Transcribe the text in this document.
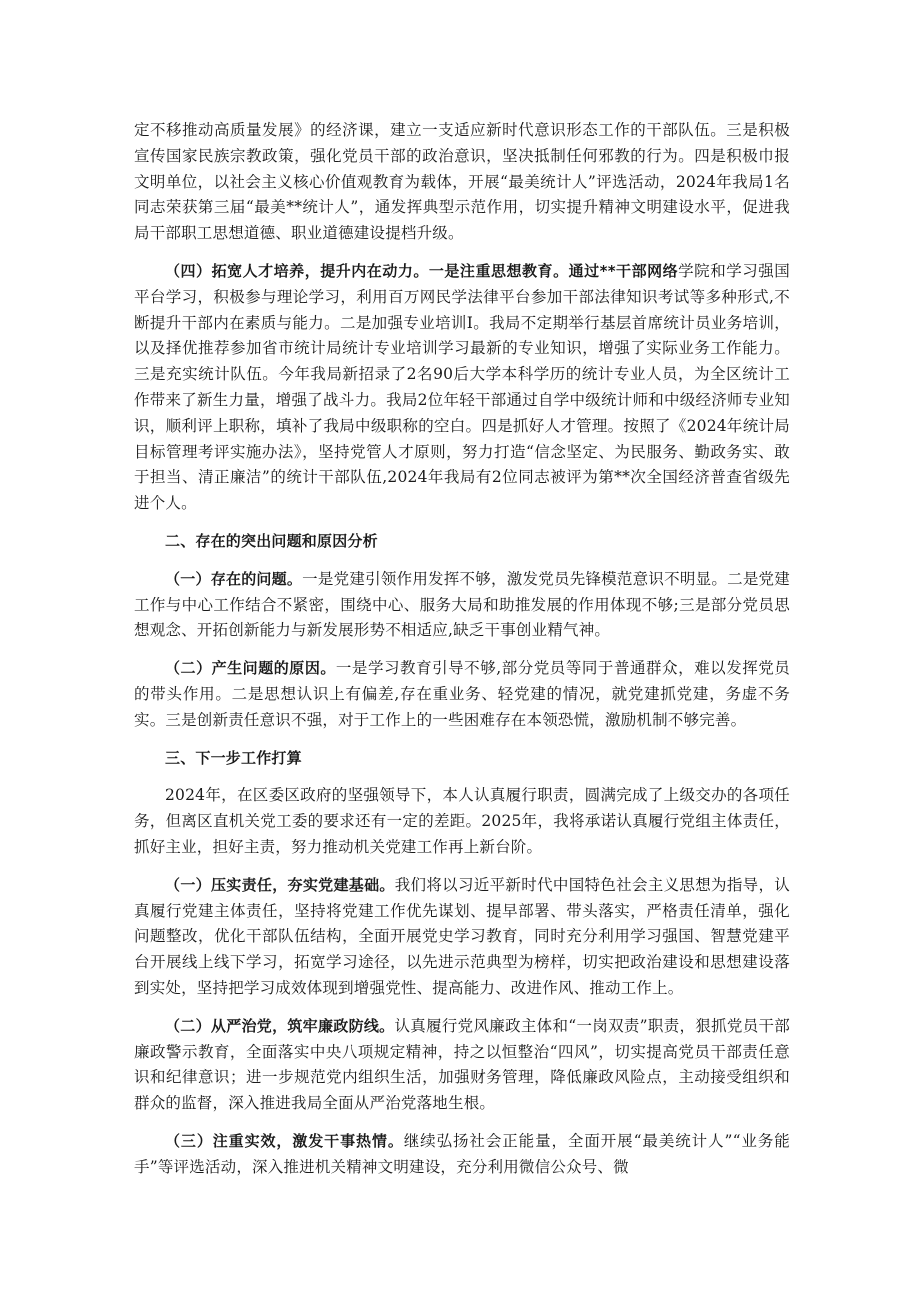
定不移推动高质量发展》的经济课，建立一支适应新时代意识形态工作的干部队伍。三是积极宣传国家民族宗教政策，强化党员干部的政治意识，坚决抵制任何邪教的行为。四是积极巾报文明单位，以社会主义核心价值观教育为载体，开展“最美统计人”评选活动，2024年我局1名同志荣获第三届“最美**统计人”，通发挥典型示范作用，切实提升精神文明建设水平，促进我局干部职工思想道德、职业道德建设提档升级。

（四）拓宽人才培养，提升内在动力。一是注重思想教育。通过**干部网络学院和学习强国平台学习，积极参与理论学习，利用百万网民学法律平台参加干部法律知识考试等多种形式,不断提升干部内在素质与能力。二是加强专业培训I。我局不定期举行基层首席统计员业务培训，以及择优推荐参加省市统计局统计专业培训学习最新的专业知识，增强了实际业务工作能力。三是充实统计队伍。今年我局新招录了2名90后大学本科学历的统计专业人员，为全区统计工作带来了新生力量，增强了战斗力。我局2位年轻干部通过自学中级统计师和中级经济师专业知识，顺利评上职称，填补了我局中级职称的空白。四是抓好人才管理。按照了《2024年统计局目标管理考评实施办法》，坚持党管人才原则，努力打造“信念坚定、为民服务、勤政务实、敢于担当、清正廉洁”的统计干部队伍,2024年我局有2位同志被评为第**次全国经济普查省级先进个人。

二、存在的突出问题和原因分析

（一）存在的问题。一是党建引领作用发挥不够，激发党员先锋模范意识不明显。二是党建工作与中心工作结合不紧密，围绕中心、服务大局和助推发展的作用体现不够;三是部分党员思想观念、开拓创新能力与新发展形势不相适应,缺乏干事创业精气神。

（二）产生问题的原因。一是学习教育引导不够,部分党员等同于普通群众，难以发挥党员的带头作用。二是思想认识上有偏差,存在重业务、轻党建的情况，就党建抓党建，务虚不务实。三是创新责任意识不强，对于工作上的一些困难存在本领恐慌，激励机制不够完善。

三、下一步工作打算

2024年，在区委区政府的坚强领导下，本人认真履行职责，圆满完成了上级交办的各项任务，但离区直机关党工委的要求还有一定的差距。2025年，我将承诺认真履行党组主体责任，抓好主业，担好主责，努力推动机关党建工作再上新台阶。

（一）压实责任，夯实党建基础。我们将以习近平新时代中国特色社会主义思想为指导，认真履行党建主体责任，坚持将党建工作优先谋划、提早部署、带头落实，严格责任清单，强化问题整改，优化干部队伍结构，全面开展党史学习教育，同时充分利用学习强国、智慧党建平台开展线上线下学习，拓宽学习途径，以先进示范典型为榜样，切实把政治建设和思想建设落到实处，坚持把学习成效体现到增强党性、提高能力、改进作风、推动工作上。

（二）从严治党，筑牢廉政防线。认真履行党风廉政主体和“一岗双责”职责，狠抓党员干部廉政警示教育，全面落实中央八项规定精神，持之以恒整治“四风”，切实提高党员干部责任意识和纪律意识；进一步规范党内组织生活，加强财务管理，降低廉政风险点，主动接受组织和群众的监督，深入推进我局全面从严治党落地生根。

（三）注重实效，激发干事热情。继续弘扬社会正能量，全面开展“最美统计人”“业务能手”等评选活动，深入推进机关精神文明建设，充分利用微信公众号、微
